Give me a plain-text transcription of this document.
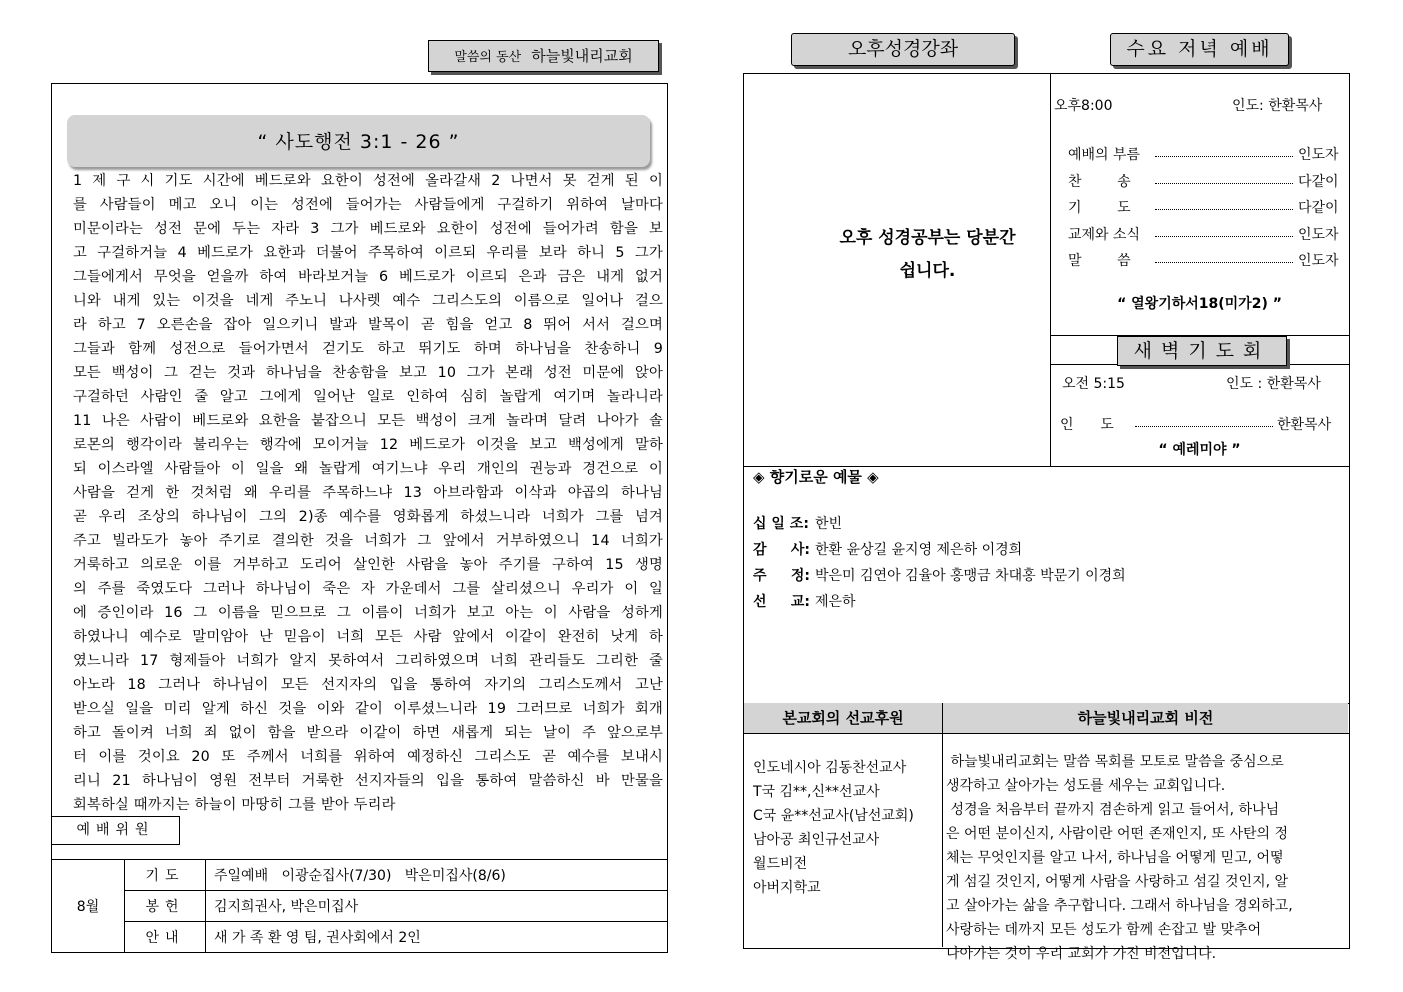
말씀의 동산 하늘빛내리교회
“ 사도행전 3:1 - 26 ”
1 제 구 시 기도 시간에 베드로와 요한이 성전에 올라갈새 2 나면서 못 걷게 된 이
를 사람들이 메고 오니 이는 성전에 들어가는 사람들에게 구걸하기 위하여 날마다
미문이라는 성전 문에 두는 자라 3 그가 베드로와 요한이 성전에 들어가려 함을 보
고 구걸하거늘 4 베드로가 요한과 더불어 주목하여 이르되 우리를 보라 하니 5 그가
그들에게서 무엇을 얻을까 하여 바라보거늘 6 베드로가 이르되 은과 금은 내게 없거
니와 내게 있는 이것을 네게 주노니 나사렛 예수 그리스도의 이름으로 일어나 걸으
라 하고 7 오른손을 잡아 일으키니 발과 발목이 곧 힘을 얻고 8 뛰어 서서 걸으며
그들과 함께 성전으로 들어가면서 걷기도 하고 뛰기도 하며 하나님을 찬송하니 9
모든 백성이 그 걷는 것과 하나님을 찬송함을 보고 10 그가 본래 성전 미문에 앉아
구걸하던 사람인 줄 알고 그에게 일어난 일로 인하여 심히 놀랍게 여기며 놀라니라
11 나은 사람이 베드로와 요한을 붙잡으니 모든 백성이 크게 놀라며 달려 나아가 솔
로몬의 행각이라 불리우는 행각에 모이거늘 12 베드로가 이것을 보고 백성에게 말하
되 이스라엘 사람들아 이 일을 왜 놀랍게 여기느냐 우리 개인의 권능과 경건으로 이
사람을 걷게 한 것처럼 왜 우리를 주목하느냐 13 아브라함과 이삭과 야곱의 하나님
곧 우리 조상의 하나님이 그의 2)종 예수를 영화롭게 하셨느니라 너희가 그를 넘겨
주고 빌라도가 놓아 주기로 결의한 것을 너희가 그 앞에서 거부하였으니 14 너희가
거룩하고 의로운 이를 거부하고 도리어 살인한 사람을 놓아 주기를 구하여 15 생명
의 주를 죽였도다 그러나 하나님이 죽은 자 가운데서 그를 살리셨으니 우리가 이 일
에 증인이라 16 그 이름을 믿으므로 그 이름이 너희가 보고 아는 이 사람을 성하게
하였나니 예수로 말미암아 난 믿음이 너희 모든 사람 앞에서 이같이 완전히 낫게 하
였느니라 17 형제들아 너희가 알지 못하여서 그리하였으며 너희 관리들도 그리한 줄
아노라 18 그러나 하나님이 모든 선지자의 입을 통하여 자기의 그리스도께서 고난
받으실 일을 미리 알게 하신 것을 이와 같이 이루셨느니라 19 그러므로 너희가 회개
하고 돌이켜 너희 죄 없이 함을 받으라 이같이 하면 새롭게 되는 날이 주 앞으로부
터 이를 것이요 20 또 주께서 너희를 위하여 예정하신 그리스도 곧 예수를 보내시
리니 21 하나님이 영원 전부터 거룩한 선지자들의 입을 통하여 말씀하신 바 만물을
회복하실 때까지는 하늘이 마땅히 그를 받아 두리라
예배위원
8월	기도	주일예배   이광순집사(7/30)   박은미집사(8/6)
	봉헌	김지희권사, 박은미집사
	안내	새 가 족 환 영 팀, 권사회에서 2인
오후성경강좌	수요 저녁 예배
오후 성경공부는 당분간
쉽니다.
오후8:00	인도: 한환목사
예배의 부름	인도자
찬        송	다같이
기        도	다같이
교제와 소식	인도자
말        씀	인도자
“ 열왕기하서18(미가2) ”
새벽기도회
오전 5:15	인도 : 한환목사
인      도	한환목사
“ 예레미야 ”
◈ 향기로운 예물 ◈
십 일 조: 한빈
감     사: 한환 윤상길 윤지영 제은하 이경희
주     정: 박은미 김연아 김율아 홍맹금 차대홍 박문기 이경희
선     교: 제은하
본교회의 선교후원	하늘빛내리교회 비전
인도네시아 김동찬선교사
T국 김**,신**선교사
C국 윤**선교사(남선교회)
남아공 최인규선교사
월드비전
아버지학교
하늘빛내리교회는 말씀 목회를 모토로 말씀을 중심으로
생각하고 살아가는 성도를 세우는 교회입니다.
성경을 처음부터 끝까지 겸손하게 읽고 들어서, 하나님
은 어떤 분이신지, 사람이란 어떤 존재인지, 또 사탄의 정
체는 무엇인지를 알고 나서, 하나님을 어떻게 믿고, 어떻
게 섬길 것인지, 어떻게 사람을 사랑하고 섬길 것인지, 알
고 살아가는 삶을 추구합니다. 그래서 하나님을 경외하고,
사랑하는 데까지 모든 성도가 함께 손잡고 발 맞추어
나아가는 것이 우리 교회가 가진 비전입니다.
